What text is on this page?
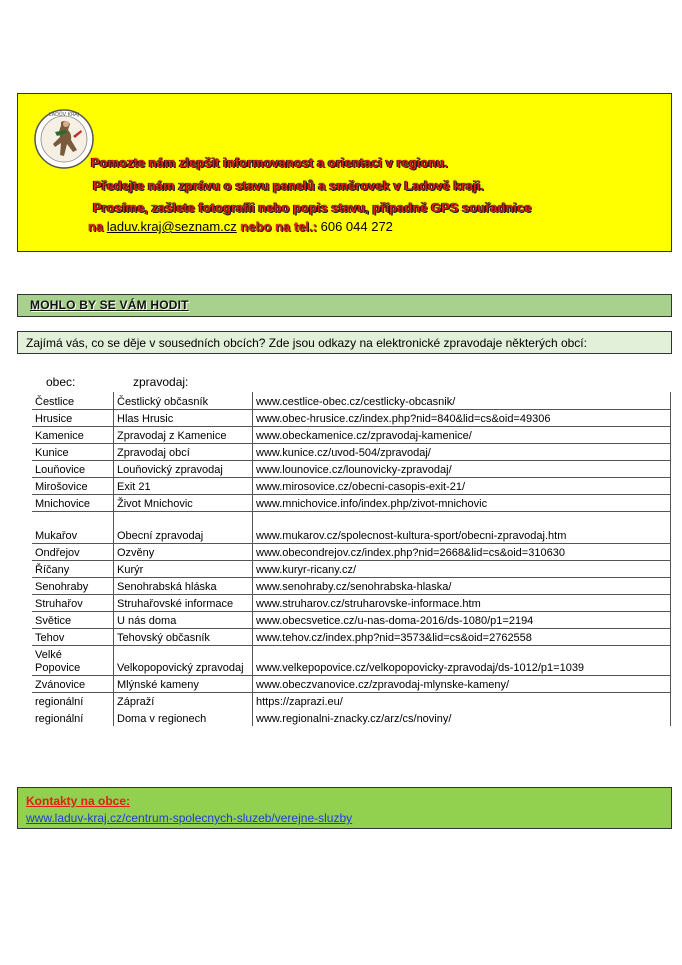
LADŮV KRAJ
Pomozte nám zlepšit informovanost a orientaci v regionu.
Předejte nám zprávu o stavu panelů a směrovek v Ladově kraji.
Prosíme, zašlete fotografii nebo popis stavu, případně GPS souřadnice
na laduv.kraj@seznam.cz nebo na tel.: 606 044 272
MOHLO BY SE VÁM HODIT
Zajímá vás, co se děje v sousedních obcích? Zde jsou odkazy na elektronické zpravodaje některých obcí:
obec:	zpravodaj:
Čestlice	Čestlický občasník	www.cestlice-obec.cz/cestlicky-obcasnik/
Hrusice	Hlas Hrusic	www.obec-hrusice.cz/index.php?nid=840&lid=cs&oid=49306
Kamenice	Zpravodaj z Kamenice	www.obeckamenice.cz/zpravodaj-kamenice/
Kunice	Zpravodaj obcí	www.kunice.cz/uvod-504/zpravodaj/
Louňovice	Louňovický zpravodaj	www.lounovice.cz/lounovicky-zpravodaj/
Mirošovice	Exit 21	www.mirosovice.cz/obecni-casopis-exit-21/
Mnichovice	Život Mnichovic	www.mnichovice.info/index.php/zivot-mnichovic
Mukařov	Obecní zpravodaj	www.mukarov.cz/spolecnost-kultura-sport/obecni-zpravodaj.htm
Ondřejov	Ozvěny	www.obecondrejov.cz/index.php?nid=2668&lid=cs&oid=310630
Říčany	Kurýr	www.kuryr-ricany.cz/
Senohraby	Senohrabská hláska	www.senohraby.cz/senohrabska-hlaska/
Struhařov	Struhařovské informace	www.struharov.cz/struharovske-informace.htm
Světice	U nás doma	www.obecsvetice.cz/u-nas-doma-2016/ds-1080/p1=2194
Tehov	Tehovský občasník	www.tehov.cz/index.php?nid=3573&lid=cs&oid=2762558
Velké Popovice	Velkopopovický zpravodaj	www.velkepopovice.cz/velkopopovicky-zpravodaj/ds-1012/p1=1039
Zvánovice	Mlýnské kameny	www.obeczvanovice.cz/zpravodaj-mlynske-kameny/
regionální	Zápraží	https://zaprazi.eu/
regionální	Doma v regionech	www.regionalni-znacky.cz/arz/cs/noviny/
Kontakty na obce:
www.laduv-kraj.cz/centrum-spolecnych-sluzeb/verejne-sluzby
